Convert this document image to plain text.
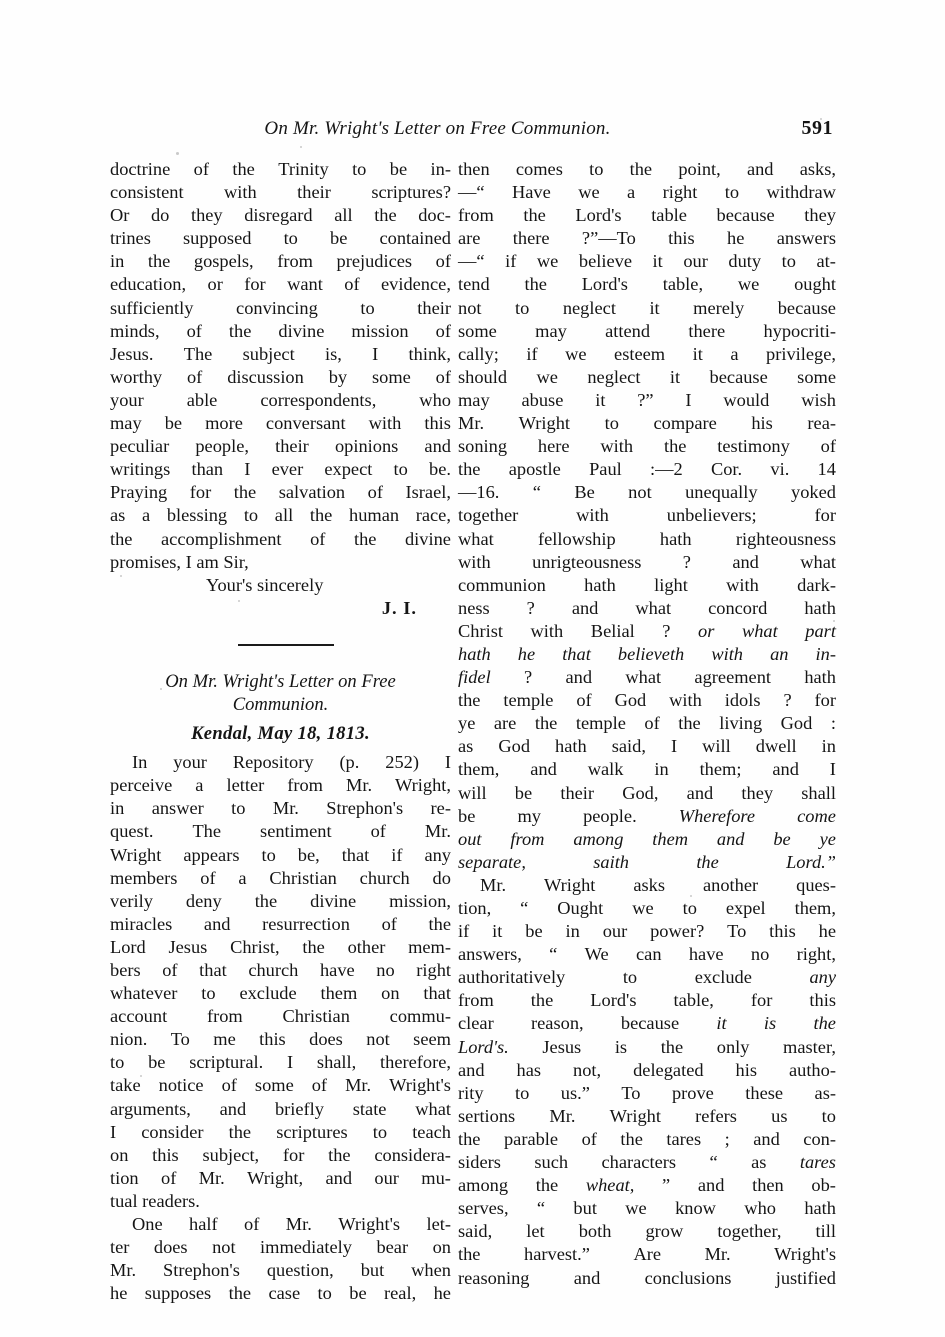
On Mr. Wright's Letter on Free Communion.	591
doctrine of the Trinity to be in-
consistent with their scriptures?
Or do they disregard all the doc-
trines supposed to be contained
in the gospels, from prejudices of
education, or for want of evidence,
sufficiently convincing to their
minds, of the divine mission of
Jesus. The subject is, I think,
worthy of discussion by some of
your able correspondents, who
may be more conversant with this
peculiar people, their opinions and
writings than I ever expect to be.
Praying for the salvation of Israel,
as a blessing to all the human race,
the accomplishment of the divine
promises, I am Sir,
Your's sincerely
J. I.
On Mr. Wright's Letter on Free
Communion.
Kendal, May 18, 1813.
In your Repository (p. 252) I
perceive a letter from Mr. Wright,
in answer to Mr. Strephon's re-
quest. The sentiment of Mr.
Wright appears to be, that if any
members of a Christian church do
verily deny the divine mission,
miracles and resurrection of the
Lord Jesus Christ, the other mem-
bers of that church have no right
whatever to exclude them on that
account from Christian commu-
nion. To me this does not seem
to be scriptural. I shall, therefore,
take notice of some of Mr. Wright's
arguments, and briefly state what
I consider the scriptures to teach
on this subject, for the considera-
tion of Mr. Wright, and our mu-
tual readers.
One half of Mr. Wright's let-
ter does not immediately bear on
Mr. Strephon's question, but when
he supposes the case to be real, he
then comes to the point, and asks,
—“ Have we a right to withdraw
from the Lord's table because they
are there ?”—To this he answers
—“ if we believe it our duty to at-
tend the Lord's table, we ought
not to neglect it merely because
some may attend there hypocriti-
cally; if we esteem it a privilege,
should we neglect it because some
may abuse it ?” I would wish
Mr. Wright to compare his rea-
soning here with the testimony of
the apostle Paul :—2 Cor. vi. 14
—16. “ Be not unequally yoked
together	with	unbelievers;	for
what fellowship hath righteousness
with unrigteousness ? and what
communion hath light with dark-
ness ? and what concord hath
Christ with Belial ? or what part
hath he that believeth with an in-
fidel ? and what agreement hath
the temple of God with idols ? for
ye are the temple of the living God :
as God hath said, I will dwell in
them, and walk in them; and I
will be their God, and they shall
be my people. Wherefore come
out from among them and be ye
separate,	saith	the	Lord.”
Mr. Wright asks another ques-
tion, “ Ought we to expel them,
if it be in our power? To this he
answers, “ We can have no right,
authoritatively	to	exclude	any
from the Lord's table, for this
clear reason, because it is the
Lord's. Jesus is the only master,
and has not, delegated his autho-
rity to us.” To prove these as-
sertions Mr. Wright refers us to
the parable of the tares ; and con-
siders such characters “ as tares
among the wheat, ” and then ob-
serves, “ but we know who hath
said, let both grow together, till
the harvest.” Are Mr. Wright's
reasoning and conclusions justified
